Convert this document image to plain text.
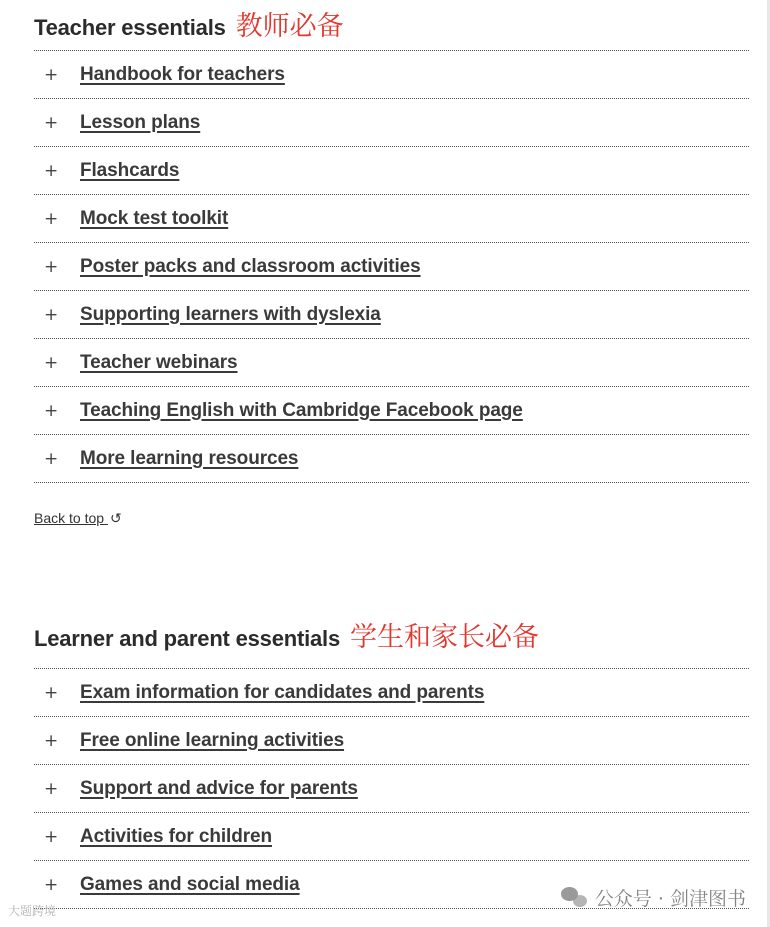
Teacher essentials 教师必备
+	Handbook for teachers
+	Lesson plans
+	Flashcards
+	Mock test toolkit
+	Poster packs and classroom activities
+	Supporting learners with dyslexia
+	Teacher webinars
+	Teaching English with Cambridge Facebook page
+	More learning resources
Back to top ↺
Learner and parent essentials 学生和家长必备
+	Exam information for candidates and parents
+	Free online learning activities
+	Support and advice for parents
+	Activities for children
+	Games and social media
公众号 · 剑津图书
大题跨境
